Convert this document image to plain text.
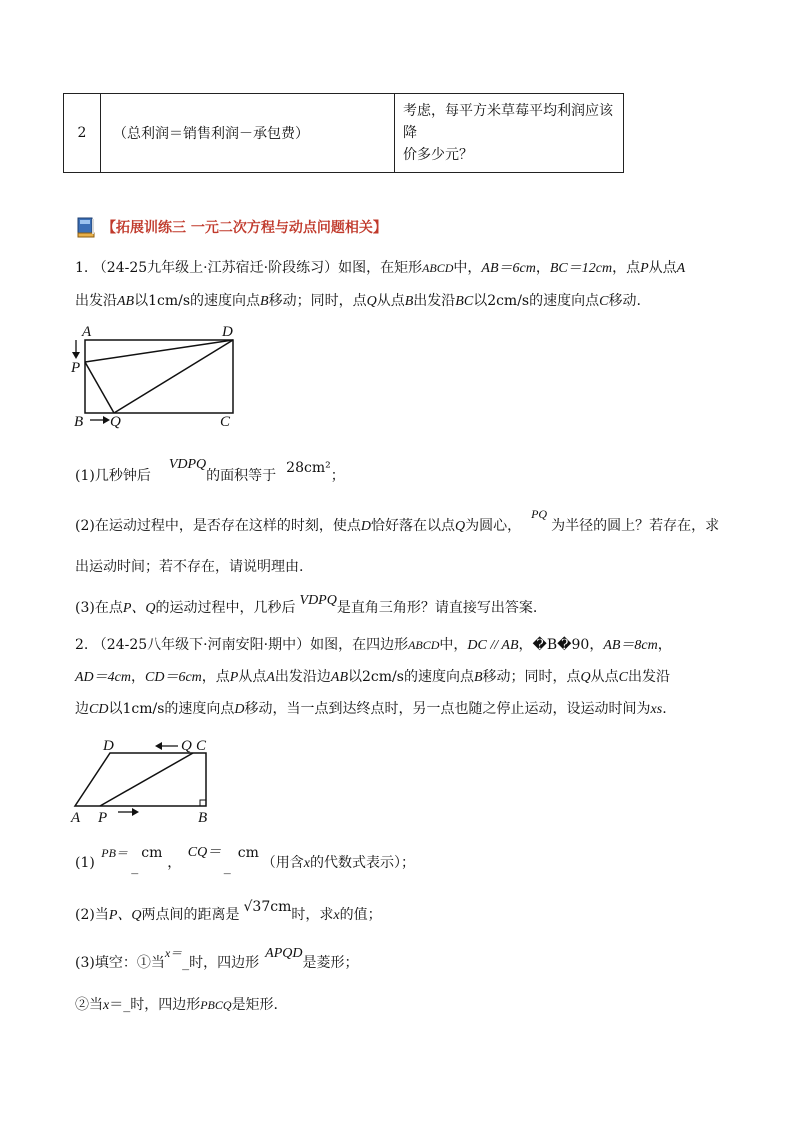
2	（总利润＝销售利润－承包费）	考虑，每平方米草莓平均利润应该降
价多少元？
【拓展训练三 一元二次方程与动点问题相关】
1. （24-25九年级上·江苏宿迁·阶段练习）如图，在矩形ABCD中，AB＝6cm，BC＝12cm，点P从点A
出发沿AB以1cm/s的速度向点B移动；同时，点Q从点B出发沿BC以2cm/s的速度向点C移动.
A	D
P
B Q	C
(1)几秒钟后VDPQ的面积等于 28cm²；
(2)在运动过程中，是否存在这样的时刻，使点D恰好落在以点Q为圆心，PQ为半径的圆上？若存在，求
出运动时间；若不存在，请说明理由.
(3)在点P、Q的运动过程中，几秒后 VDPQ是直角三角形？请直接写出答案.
2. （24-25八年级下·河南安阳·期中）如图，在四边形ABCD中，DC // AB，�B�90，AB＝8cm，
AD＝4cm，CD＝6cm，点P从点A出发沿边AB以2cm/s的速度向点B移动；同时，点Q从点C出发沿
边CD以1cm/s的速度向点D移动，当一点到达终点时，另一点也随之停止运动，设运动时间为xs.
D	Q C
A P	B
(1)
PB＝ cm
_ ，
CQ＝ cm
_ （用含x的代数式表示）；
(2)当P、Q两点间的距离是 √37cm时，求x的值；
(3)填空：①当x＝_时，四边形APQD是菱形；
②当x＝_时，四边形PBCQ是矩形.
